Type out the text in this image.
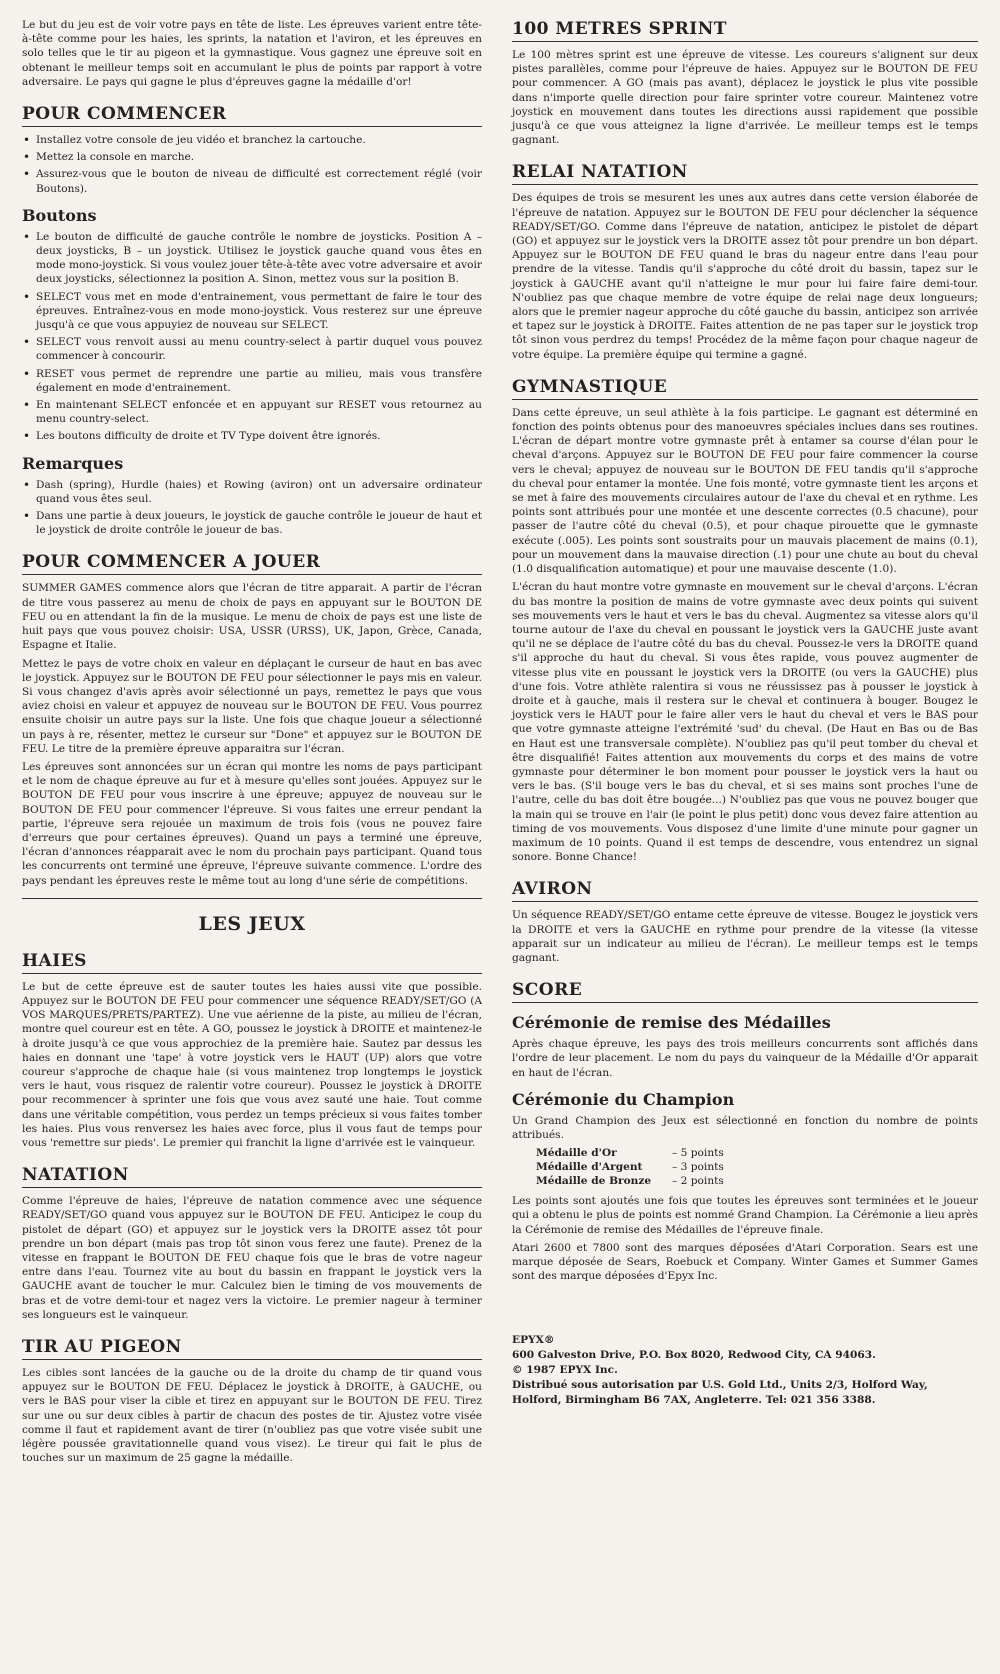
Le but du jeu est de voir votre pays en tête de liste. Les épreuves varient entre tête-à-tête comme pour les haies, les sprints, la natation et l'aviron, et les épreuves en solo telles que le tir au pigeon et la gymnastique. Vous gagnez une épreuve soit en obtenant le meilleur temps soit en accumulant le plus de points par rapport à votre adversaire. Le pays qui gagne le plus d'épreuves gagne la médaille d'or!

POUR COMMENCER
• Installez votre console de jeu vidéo et branchez la cartouche.
• Mettez la console en marche.
• Assurez-vous que le bouton de niveau de difficulté est correctement réglé (voir Boutons).
Boutons
• Le bouton de difficulté de gauche contrôle le nombre de joysticks. Position A – deux joysticks, B – un joystick. Utilisez le joystick gauche quand vous êtes en mode mono-joystick. Si vous voulez jouer tête-à-tête avec votre adversaire et avoir deux joysticks, sélectionnez la position A. Sinon, mettez vous sur la position B.
• SELECT vous met en mode d'entrainement, vous permettant de faire le tour des épreuves. Entraînez-vous en mode mono-joystick. Vous resterez sur une épreuve jusqu'à ce que vous appuyiez de nouveau sur SELECT.
• SELECT vous renvoit aussi au menu country-select à partir duquel vous pouvez commencer à concourir.
• RESET vous permet de reprendre une partie au milieu, mais vous transfère également en mode d'entrainement.
• En maintenant SELECT enfoncée et en appuyant sur RESET vous retournez au menu country-select.
• Les boutons difficulty de droite et TV Type doivent être ignorés.
Remarques
• Dash (spring), Hurdle (haies) et Rowing (aviron) ont un adversaire ordinateur quand vous êtes seul.
• Dans une partie à deux joueurs, le joystick de gauche contrôle le joueur de haut et le joystick de droite contrôle le joueur de bas.
POUR COMMENCER A JOUER

SUMMER GAMES commence alors que l'écran de titre apparait. A partir de l'écran de titre vous passerez au menu de choix de pays en appuyant sur le BOUTON DE FEU ou en attendant la fin de la musique. Le menu de choix de pays est une liste de huit pays que vous pouvez choisir: USA, USSR (URSS), UK, Japon, Grèce, Canada, Espagne et Italie.

Mettez le pays de votre choix en valeur en déplaçant le curseur de haut en bas avec le joystick. Appuyez sur le BOUTON DE FEU pour sélectionner le pays mis en valeur. Si vous changez d'avis après avoir sélectionné un pays, remettez le pays que vous aviez choisi en valeur et appuyez de nouveau sur le BOUTON DE FEU. Vous pourrez ensuite choisir un autre pays sur la liste. Une fois que chaque joueur a sélectionné un pays à re, résenter, mettez le curseur sur "Done" et appuyez sur le BOUTON DE FEU. Le titre de la première épreuve apparaitra sur l'écran.

Les épreuves sont annoncées sur un écran qui montre les noms de pays participant et le nom de chaque épreuve au fur et à mesure qu'elles sont jouées. Appuyez sur le BOUTON DE FEU pour vous inscrire à une épreuve; appuyez de nouveau sur le BOUTON DE FEU pour commencer l'épreuve. Si vous faites une erreur pendant la partie, l'épreuve sera rejouée un maximum de trois fois (vous ne pouvez faire d'erreurs que pour certaines épreuves). Quand un pays a terminé une épreuve, l'écran d'annonces réapparait avec le nom du prochain pays participant. Quand tous les concurrents ont terminé une épreuve, l'épreuve suivante commence. L'ordre des pays pendant les épreuves reste le même tout au long d'une série de compétitions.

LES JEUX
HAIES

Le but de cette épreuve est de sauter toutes les haies aussi vite que possible. Appuyez sur le BOUTON DE FEU pour commencer une séquence READY/SET/GO (A VOS MARQUES/PRETS/PARTEZ). Une vue aérienne de la piste, au milieu de l'écran, montre quel coureur est en tête. A GO, poussez le joystick à DROITE et maintenez-le à droite jusqu'à ce que vous approchiez de la première haie. Sautez par dessus les haies en donnant une 'tape' à votre joystick vers le HAUT (UP) alors que votre coureur s'approche de chaque haie (si vous maintenez trop longtemps le joystick vers le haut, vous risquez de ralentir votre coureur). Poussez le joystick à DROITE pour recommencer à sprinter une fois que vous avez sauté une haie. Tout comme dans une véritable compétition, vous perdez un temps précieux si vous faites tomber les haies. Plus vous renversez les haies avec force, plus il vous faut de temps pour vous 'remettre sur pieds'. Le premier qui franchit la ligne d'arrivée est le vainqueur.

NATATION

Comme l'épreuve de haies, l'épreuve de natation commence avec une séquence READY/SET/GO quand vous appuyez sur le BOUTON DE FEU. Anticipez le coup du pistolet de départ (GO) et appuyez sur le joystick vers la DROITE assez tôt pour prendre un bon départ (mais pas trop tôt sinon vous ferez une faute). Prenez de la vitesse en frappant le BOUTON DE FEU chaque fois que le bras de votre nageur entre dans l'eau. Tournez vite au bout du bassin en frappant le joystick vers la GAUCHE avant de toucher le mur. Calculez bien le timing de vos mouvements de bras et de votre demi-tour et nagez vers la victoire. Le premier nageur à terminer ses longueurs est le vainqueur.

TIR AU PIGEON

Les cibles sont lancées de la gauche ou de la droite du champ de tir quand vous appuyez sur le BOUTON DE FEU. Déplacez le joystick à DROITE, à GAUCHE, ou vers le BAS pour viser la cible et tirez en appuyant sur le BOUTON DE FEU. Tirez sur une ou sur deux cibles à partir de chacun des postes de tir. Ajustez votre visée comme il faut et rapidement avant de tirer (n'oubliez pas que votre visée subit une légère poussée gravitationnelle quand vous visez). Le tireur qui fait le plus de touches sur un maximum de 25 gagne la médaille.

100 METRES SPRINT

Le 100 mètres sprint est une épreuve de vitesse. Les coureurs s'alignent sur deux pistes parallèles, comme pour l'épreuve de haies. Appuyez sur le BOUTON DE FEU pour commencer. A GO (mais pas avant), déplacez le joystick le plus vite possible dans n'importe quelle direction pour faire sprinter votre coureur. Maintenez votre joystick en mouvement dans toutes les directions aussi rapidement que possible jusqu'à ce que vous atteignez la ligne d'arrivée. Le meilleur temps est le temps gagnant.

RELAI NATATION

Des équipes de trois se mesurent les unes aux autres dans cette version élaborée de l'épreuve de natation. Appuyez sur le BOUTON DE FEU pour déclencher la séquence READY/SET/GO. Comme dans l'épreuve de natation, anticipez le pistolet de départ (GO) et appuyez sur le joystick vers la DROITE assez tôt pour prendre un bon départ. Appuyez sur le BOUTON DE FEU quand le bras du nageur entre dans l'eau pour prendre de la vitesse. Tandis qu'il s'approche du côté droit du bassin, tapez sur le joystick à GAUCHE avant qu'il n'atteigne le mur pour lui faire faire demi-tour. N'oubliez pas que chaque membre de votre équipe de relai nage deux longueurs; alors que le premier nageur approche du côté gauche du bassin, anticipez son arrivée et tapez sur le joystick à DROITE. Faites attention de ne pas taper sur le joystick trop tôt sinon vous perdrez du temps! Procédez de la même façon pour chaque nageur de votre équipe. La première équipe qui termine a gagné.

GYMNASTIQUE

Dans cette épreuve, un seul athlète à la fois participe. Le gagnant est déterminé en fonction des points obtenus pour des manoeuvres spéciales inclues dans ses routines. L'écran de départ montre votre gymnaste prêt à entamer sa course d'élan pour le cheval d'arçons. Appuyez sur le BOUTON DE FEU pour faire commencer la course vers le cheval; appuyez de nouveau sur le BOUTON DE FEU tandis qu'il s'approche du cheval pour entamer la montée. Une fois monté, votre gymnaste tient les arçons et se met à faire des mouvements circulaires autour de l'axe du cheval et en rythme. Les points sont attribués pour une montée et une descente correctes (0.5 chacune), pour passer de l'autre côté du cheval (0.5), et pour chaque pirouette que le gymnaste exécute (.005). Les points sont soustraits pour un mauvais placement de mains (0.1), pour un mouvement dans la mauvaise direction (.1) pour une chute au bout du cheval (1.0 disqualification automatique) et pour une mauvaise descente (1.0).

L'écran du haut montre votre gymnaste en mouvement sur le cheval d'arçons. L'écran du bas montre la position de mains de votre gymnaste avec deux points qui suivent ses mouvements vers le haut et vers le bas du cheval. Augmentez sa vitesse alors qu'il tourne autour de l'axe du cheval en poussant le joystick vers la GAUCHE juste avant qu'il ne se déplace de l'autre côté du bas du cheval. Poussez-le vers la DROITE quand s'il approche du haut du cheval. Si vous êtes rapide, vous pouvez augmenter de vitesse plus vite en poussant le joystick vers la DROITE (ou vers la GAUCHE) plus d'une fois. Votre athlète ralentira si vous ne réussissez pas à pousser le joystick à droite et à gauche, mais il restera sur le cheval et continuera à bouger. Bougez le joystick vers le HAUT pour le faire aller vers le haut du cheval et vers le BAS pour que votre gymnaste atteigne l'extrémité 'sud' du cheval. (De Haut en Bas ou de Bas en Haut est une transversale complète). N'oubliez pas qu'il peut tomber du cheval et être disqualifié! Faites attention aux mouvements du corps et des mains de votre gymnaste pour déterminer le bon moment pour pousser le joystick vers la haut ou vers le bas. (S'il bouge vers le bas du cheval, et si ses mains sont proches l'une de l'autre, celle du bas doit être bougée...) N'oubliez pas que vous ne pouvez bouger que la main qui se trouve en l'air (le point le plus petit) donc vous devez faire attention au timing de vos mouvements. Vous disposez d'une limite d'une minute pour gagner un maximum de 10 points. Quand il est temps de descendre, vous entendrez un signal sonore. Bonne Chance!

AVIRON

Un séquence READY/SET/GO entame cette épreuve de vitesse. Bougez le joystick vers la DROITE et vers la GAUCHE en rythme pour prendre de la vitesse (la vitesse apparait sur un indicateur au milieu de l'écran). Le meilleur temps est le temps gagnant.

SCORE
Cérémonie de remise des Médailles

Après chaque épreuve, les pays des trois meilleurs concurrents sont affichés dans l'ordre de leur placement. Le nom du pays du vainqueur de la Médaille d'Or apparait en haut de l'écran.

Cérémonie du Champion

Un Grand Champion des Jeux est sélectionné en fonction du nombre de points attribués.

Médaille d'Or	– 5 points
Médaille d'Argent	– 3 points
Médaille de Bronze	– 2 points

Les points sont ajoutés une fois que toutes les épreuves sont terminées et le joueur qui a obtenu le plus de points est nommé Grand Champion. La Cérémonie a lieu après la Cérémonie de remise des Médailles de l'épreuve finale.

Atari 2600 et 7800 sont des marques déposées d'Atari Corporation. Sears est une marque déposée de Sears, Roebuck et Company. Winter Games et Summer Games sont des marque déposées d'Epyx Inc.

EPYX®
600 Galveston Drive, P.O. Box 8020, Redwood City, CA 94063.
© 1987 EPYX Inc.
Distribué sous autorisation par U.S. Gold Ltd., Units 2/3, Holford Way, Holford, Birmingham B6 7AX, Angleterre. Tel: 021 356 3388.
